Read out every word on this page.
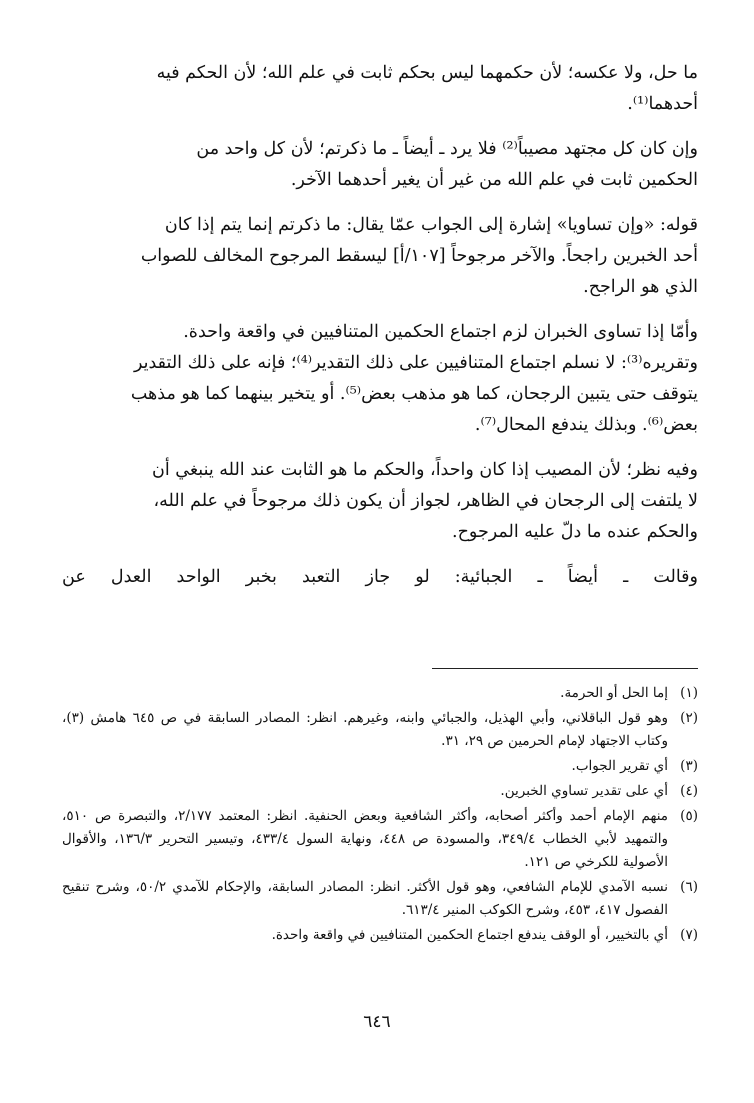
ما حل، ولا عكسه؛ لأن حكمهما ليس بحكم ثابت في علم الله؛ لأن الحكم فيه
أحدهما⁽¹⁾.

وإن كان كل مجتهد مصيباً⁽²⁾ فلا يرد ـ أيضاً ـ ما ذكرتم؛ لأن كل واحد من
الحكمين ثابت في علم الله من غير أن يغير أحدهما الآخر.

قوله: «وإن تساويا» إشارة إلى الجواب عمّا يقال: ما ذكرتم إنما يتم إذا كان
أحد الخبرين راجحاً. والآخر مرجوحاً [١٠٧/أ] ليسقط المرجوح المخالف للصواب
الذي هو الراجح.

وأمّا إذا تساوى الخبران لزم اجتماع الحكمين المتنافيين في واقعة واحدة.
وتقريره⁽³⁾: لا نسلم اجتماع المتنافيين على ذلك التقدير⁽⁴⁾؛ فإنه على ذلك التقدير
يتوقف حتى يتبين الرجحان، كما هو مذهب بعض⁽⁵⁾. أو يتخير بينهما كما هو مذهب
بعض⁽⁶⁾. وبذلك يندفع المحال⁽⁷⁾.

وفيه نظر؛ لأن المصيب إذا كان واحداً، والحكم ما هو الثابت عند الله ينبغي أن
لا يلتفت إلى الرجحان في الظاهر، لجواز أن يكون ذلك مرجوحاً في علم الله،
والحكم عنده ما دلّ عليه المرجوح.

وقالت ـ أيضاً ـ الجبائية: لو جاز التعبد بخبر الواحد العدل عن

(١)
إما الحل أو الحرمة.
(٢)
وهو قول الباقلاني، وأبي الهذيل، والجبائي وابنه، وغيرهم. انظر: المصادر السابقة في ص ٦٤٥ هامش (٣)، وكتاب الاجتهاد لإمام الحرمين ص ٢٩، ٣١.
(٣)
أي تقرير الجواب.
(٤)
أي على تقدير تساوي الخبرين.
(٥)
منهم الإمام أحمد وأكثر أصحابه، وأكثر الشافعية وبعض الحنفية. انظر: المعتمد ٢/١٧٧، والتبصرة ص ٥١٠، والتمهيد لأبي الخطاب ٣٤٩/٤، والمسودة ص ٤٤٨، ونهاية السول ٤٣٣/٤، وتيسير التحرير ١٣٦/٣، والأقوال الأصولية للكرخي ص ١٢١.
(٦)
نسبه الآمدي للإمام الشافعي، وهو قول الأكثر. انظر: المصادر السابقة، والإحكام للآمدي ٥٠/٢، وشرح تنقيح الفصول ٤١٧، ٤٥٣، وشرح الكوكب المنير ٦١٣/٤.
(٧)
أي بالتخيير، أو الوقف يندفع اجتماع الحكمين المتنافيين في واقعة واحدة.
٦٤٦
